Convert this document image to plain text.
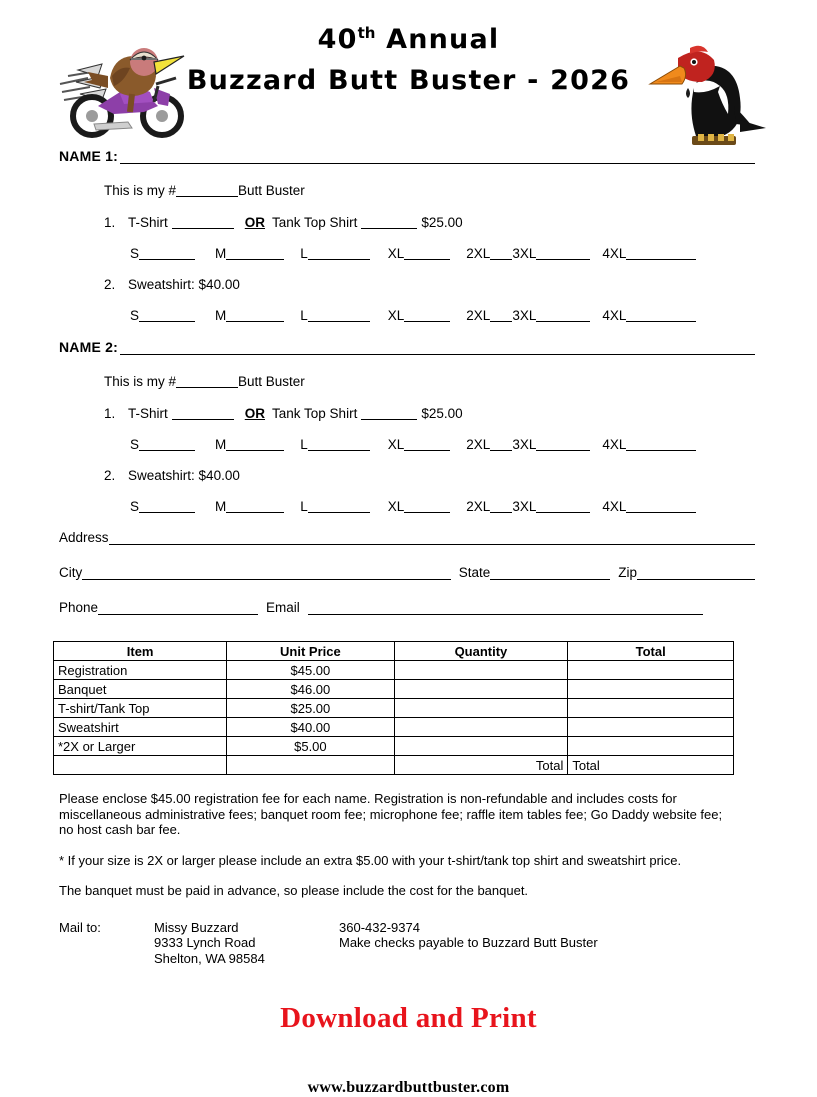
40th Annual
Buzzard Butt Buster - 2026
NAME 1:
This is my #	Butt Buster
1. T-Shirt	OR Tank Top Shirt	$25.00
S	M	L	XL	2XL 3XL	4XL
2. Sweatshirt: $40.00
S	M	L	XL	2XL 3XL	4XL
NAME 2:
This is my #	Butt Buster
1. T-Shirt	OR Tank Top Shirt	$25.00
S	M	L	XL	2XL 3XL	4XL
2. Sweatshirt: $40.00
S	M	L	XL	2XL 3XL	4XL
Address
City	State	Zip
Phone	Email
Item	Unit Price	Quantity	Total
Registration	$45.00		
Banquet	$46.00		
T-shirt/Tank Top	$25.00		
Sweatshirt	$40.00		
*2X or Larger	$5.00		
		Total	Total

Please enclose $45.00 registration fee for each name. Registration is non-refundable and includes costs for miscellaneous administrative fees; banquet room fee; microphone fee; raffle item tables fee; Go Daddy website fee; no host cash bar fee.

* If your size is 2X or larger please include an extra $5.00 with your t-shirt/tank top shirt and sweatshirt price.

The banquet must be paid in advance, so please include the cost for the banquet.

Mail to:	Missy Buzzard
9333 Lynch Road
Shelton, WA 98584
360-432-9374
Make checks payable to Buzzard Butt Buster
Download and Print
www.buzzardbuttbuster.com
